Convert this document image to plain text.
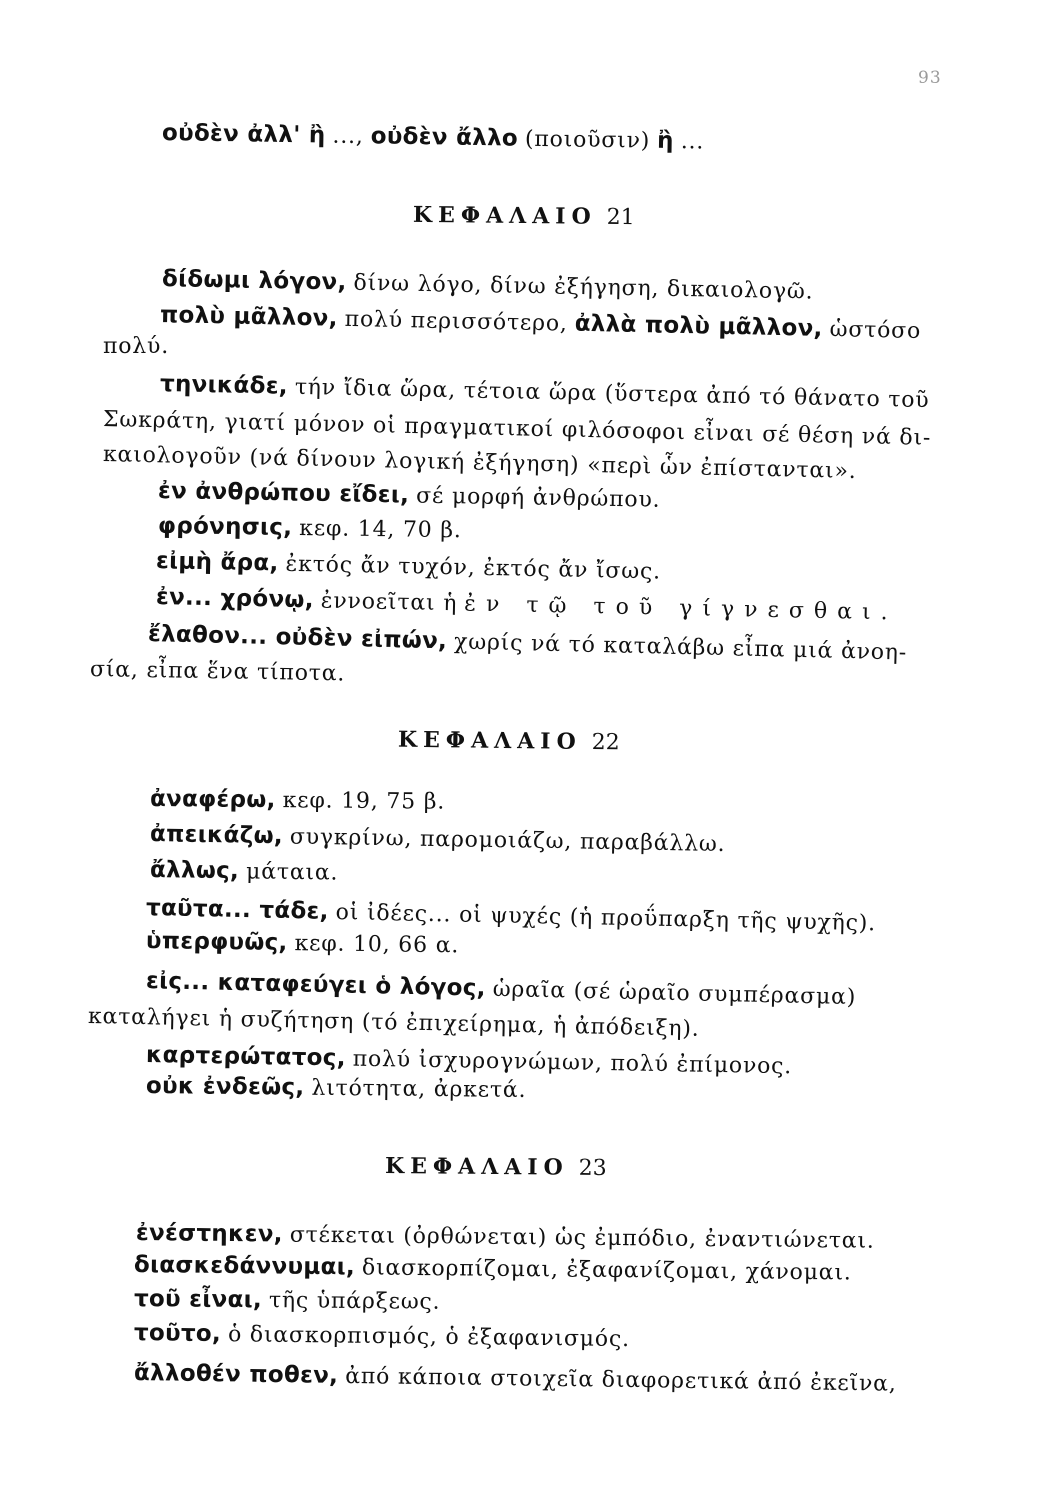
93
οὐδὲν ἀλλ' ἢ ..., οὐδὲν ἄλλο (ποιοῦσιν) ἢ ...
ΚΕΦΑΛΑΙΟ 21
δίδωμι λόγον, δίνω λόγο, δίνω ἐξήγηση, δικαιολογῶ.
πολὺ μᾶλλον, πολύ περισσότερο, ἀλλὰ πολὺ μᾶλλον, ὡστόσο
πολύ.
τηνικάδε, τήν ἴδια ὥρα, τέτοια ὥρα (ὕστερα ἀπό τό θάνατο τοῦ
Σωκράτη, γιατί μόνον οἱ πραγματικοί φιλόσοφοι εἶναι σέ θέση νά δι-
καιολογοῦν (νά δίνουν λογική ἐξήγηση) «περὶ ὧν ἐπίστανται».
ἐν ἀνθρώπου εἴδει, σέ μορφή ἀνθρώπου.
φρόνησις, κεφ. 14, 70 β.
εἰμὴ ἄρα, ἐκτός ἄν τυχόν, ἐκτός ἄν ἴσως.
ἐν... χρόνῳ, ἐννοεῖται ἡ ἐν τῷ τοῦ γίγνεσθαι.
ἔλαθον... οὐδὲν εἰπών, χωρίς νά τό καταλάβω εἶπα μιά ἀνοη-
σία, εἶπα ἕνα τίποτα.
ΚΕΦΑΛΑΙΟ 22
ἀναφέρω, κεφ. 19, 75 β.
ἀπεικάζω, συγκρίνω, παρομοιάζω, παραβάλλω.
ἄλλως, μάταια.
ταῦτα... τάδε, οἱ ἰδέες... οἱ ψυχές (ἡ προΰπαρξη τῆς ψυχῆς).
ὑπερφυῶς, κεφ. 10, 66 α.
εἰς... καταφεύγει ὁ λόγος, ὡραῖα (σέ ὡραῖο συμπέρασμα)
καταλήγει ἡ συζήτηση (τό ἐπιχείρημα, ἡ ἀπόδειξη).
καρτερώτατος, πολύ ἰσχυρογνώμων, πολύ ἐπίμονος.
οὐκ ἐνδεῶς, λιτότητα, ἀρκετά.
ΚΕΦΑΛΑΙΟ 23
ἐνέστηκεν, στέκεται (ὀρθώνεται) ὡς ἐμπόδιο, ἐναντιώνεται.
διασκεδάννυμαι, διασκορπίζομαι, ἐξαφανίζομαι, χάνομαι.
τοῦ εἶναι, τῆς ὑπάρξεως.
τοῦτο, ὁ διασκορπισμός, ὁ ἐξαφανισμός.
ἄλλοθέν ποθεν, ἀπό κάποια στοιχεῖα διαφορετικά ἀπό ἐκεῖνα,
